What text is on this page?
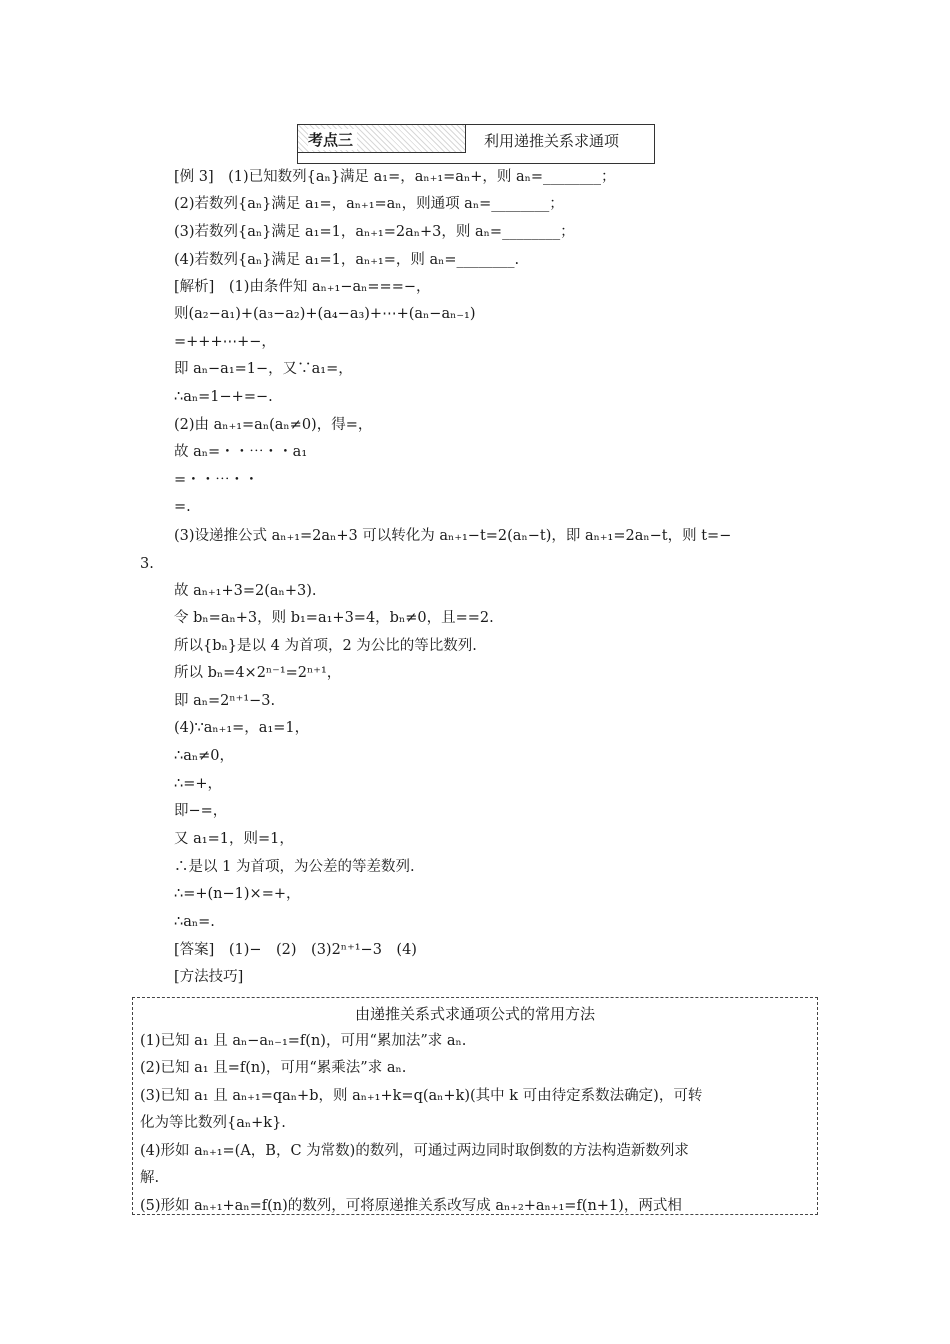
考点三	利用递推关系求通项
[例 3]　(1)已知数列{aₙ}满足 a₁=，aₙ₊₁=aₙ+，则 aₙ=________；
(2)若数列{aₙ}满足 a₁=，aₙ₊₁=aₙ，则通项 aₙ=________；
(3)若数列{aₙ}满足 a₁=1，aₙ₊₁=2aₙ+3，则 aₙ=________；
(4)若数列{aₙ}满足 a₁=1，aₙ₊₁=，则 aₙ=________.
[解析]　(1)由条件知 aₙ₊₁−aₙ===−，
则(a₂−a₁)+(a₃−a₂)+(a₄−a₃)+⋯+(aₙ−aₙ₋₁)
=+++⋯+−，
即 aₙ−a₁=1−，又∵a₁=，
∴aₙ=1−+=−.
(2)由 aₙ₊₁=aₙ(aₙ≠0)，得=，
故 aₙ=・・⋯・・a₁
=・・⋯・・
=.
(3)设递推公式 aₙ₊₁=2aₙ+3 可以转化为 aₙ₊₁−t=2(aₙ−t)，即 aₙ₊₁=2aₙ−t，则 t=−
3.
故 aₙ₊₁+3=2(aₙ+3).
令 bₙ=aₙ+3，则 b₁=a₁+3=4，bₙ≠0，且==2.
所以{bₙ}是以 4 为首项，2 为公比的等比数列.
所以 bₙ=4×2ⁿ⁻¹=2ⁿ⁺¹，
即 aₙ=2ⁿ⁺¹−3.
(4)∵aₙ₊₁=，a₁=1，
∴aₙ≠0，
∴=+，
即−=，
又 a₁=1，则=1，
∴是以 1 为首项，为公差的等差数列.
∴=+(n−1)×=+，
∴aₙ=.
[答案]　(1)−　(2)　(3)2ⁿ⁺¹−3　(4)
[方法技巧]
由递推关系式求通项公式的常用方法
(1)已知 a₁ 且 aₙ−aₙ₋₁=f(n)，可用“累加法”求 aₙ.
(2)已知 a₁ 且=f(n)，可用“累乘法”求 aₙ.
(3)已知 a₁ 且 aₙ₊₁=qaₙ+b，则 aₙ₊₁+k=q(aₙ+k)(其中 k 可由待定系数法确定)，可转
化为等比数列{aₙ+k}.
(4)形如 aₙ₊₁=(A，B，C 为常数)的数列，可通过两边同时取倒数的方法构造新数列求
解.
(5)形如 aₙ₊₁+aₙ=f(n)的数列，可将原递推关系改写成 aₙ₊₂+aₙ₊₁=f(n+1)，两式相
